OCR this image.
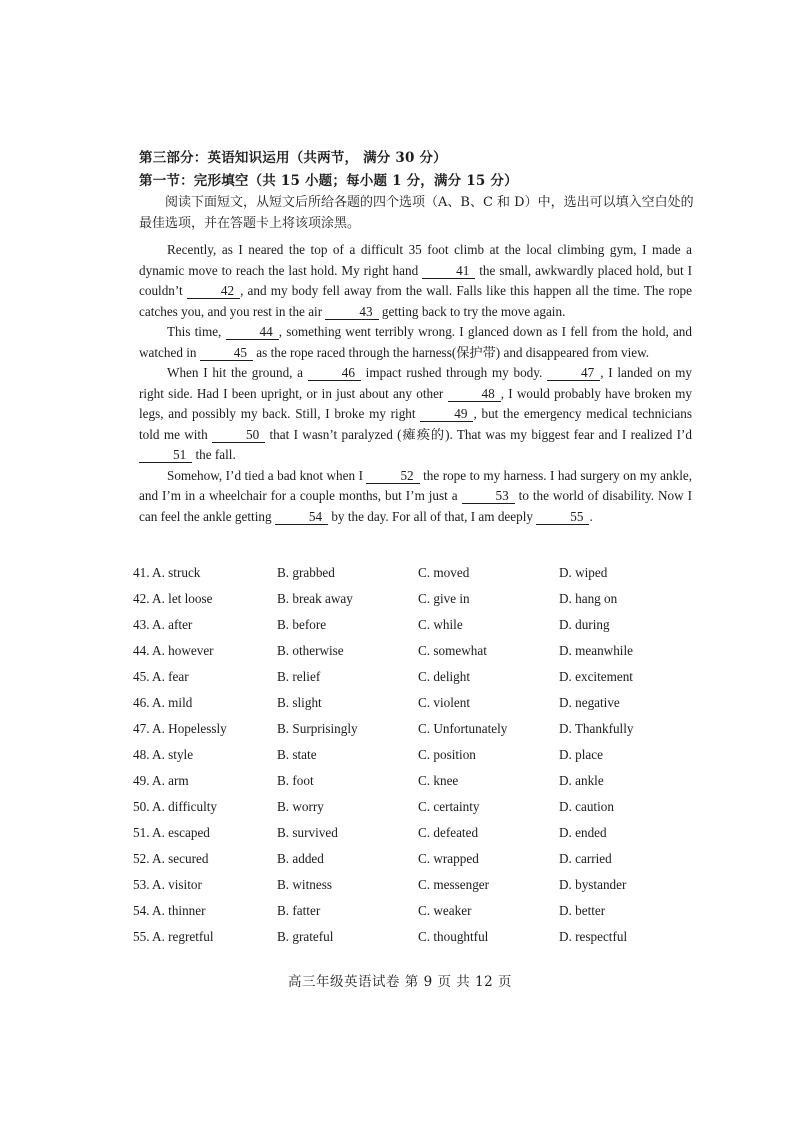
第三部分：英语知识运用（共两节， 满分 30 分）
第一节：完形填空（共 15 小题；每小题 1 分，满分 15 分）
阅读下面短文，从短文后所给各题的四个选项（A、B、C 和 D）中，选出可以填入空白处的最佳选项，并在答题卡上将该项涂黑。

Recently, as I neared the top of a difficult 35 foot climb at the local climbing gym, I made a dynamic move to reach the last hold. My right hand	41 the small, awkwardly placed hold, but I couldn’t	42 , and my body fell away from the wall. Falls like this happen all the time. The rope catches you, and you rest in the air	43 getting back to try the move again.

This time,	44 , something went terribly wrong. I glanced down as I fell from the hold, and watched in	45 as the rope raced through the harness(保护带) and disappeared from view.

When I hit the ground, a	46 impact rushed through my body.	47 , I landed on my right side. Had I been upright, or in just about any other	48 , I would probably have broken my legs, and possibly my back. Still, I broke my right	49 , but the emergency medical technicians told me with	50 that I wasn’t paralyzed (瘫痪的). That was my biggest fear and I realized I’d 51 the fall.

Somehow, I’d tied a bad knot when I	52 the rope to my harness. I had surgery on my ankle, and I’m in a wheelchair for a couple months, but I’m just a	53 to the world of disability. Now I can feel the ankle getting	54 by the day. For all of that, I am deeply	55 .

41. A. struck	B. grabbed	C. moved	D. wiped
42. A. let loose	B. break away	C. give in	D. hang on
43. A. after	B. before	C. while	D. during
44. A. however	B. otherwise	C. somewhat	D. meanwhile
45. A. fear	B. relief	C. delight	D. excitement
46. A. mild	B. slight	C. violent	D. negative
47. A. Hopelessly	B. Surprisingly	C. Unfortunately	D. Thankfully
48. A. style	B. state	C. position	D. place
49. A. arm	B. foot	C. knee	D. ankle
50. A. difficulty	B. worry	C. certainty	D. caution
51. A. escaped	B. survived	C. defeated	D. ended
52. A. secured	B. added	C. wrapped	D. carried
53. A. visitor	B. witness	C. messenger	D. bystander
54. A. thinner	B. fatter	C. weaker	D. better
55. A. regretful	B. grateful	C. thoughtful	D. respectful
高三年级英语试卷 第 9 页 共 12 页
